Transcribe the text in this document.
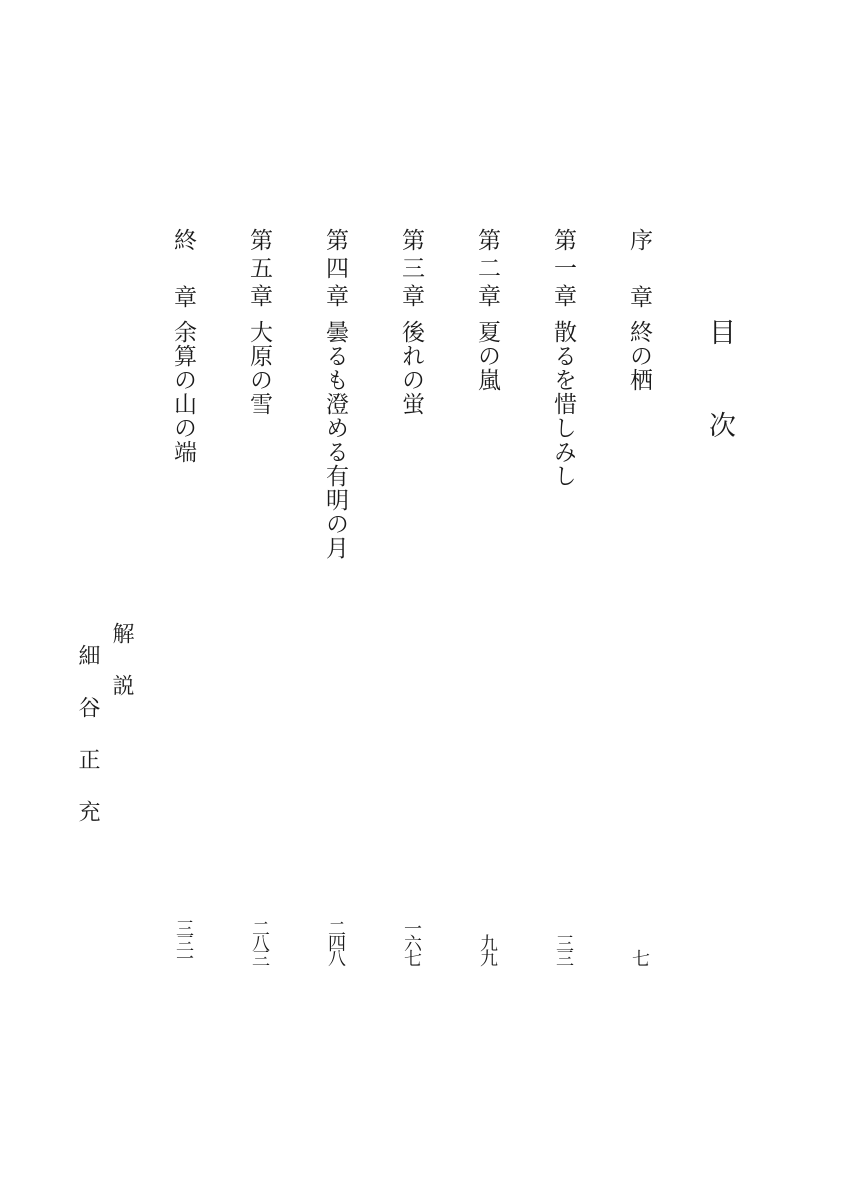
目次
序　章
終の栖
七
第一章
散るを惜しみし
三三
第二章
夏の嵐
九九
第三章
後れの蛍
一六七
第四章
曇るも澄める有明の月
二四八
第五章
大原の雪
二八三
終　章
余算の山の端
三三一
解説細谷正充
